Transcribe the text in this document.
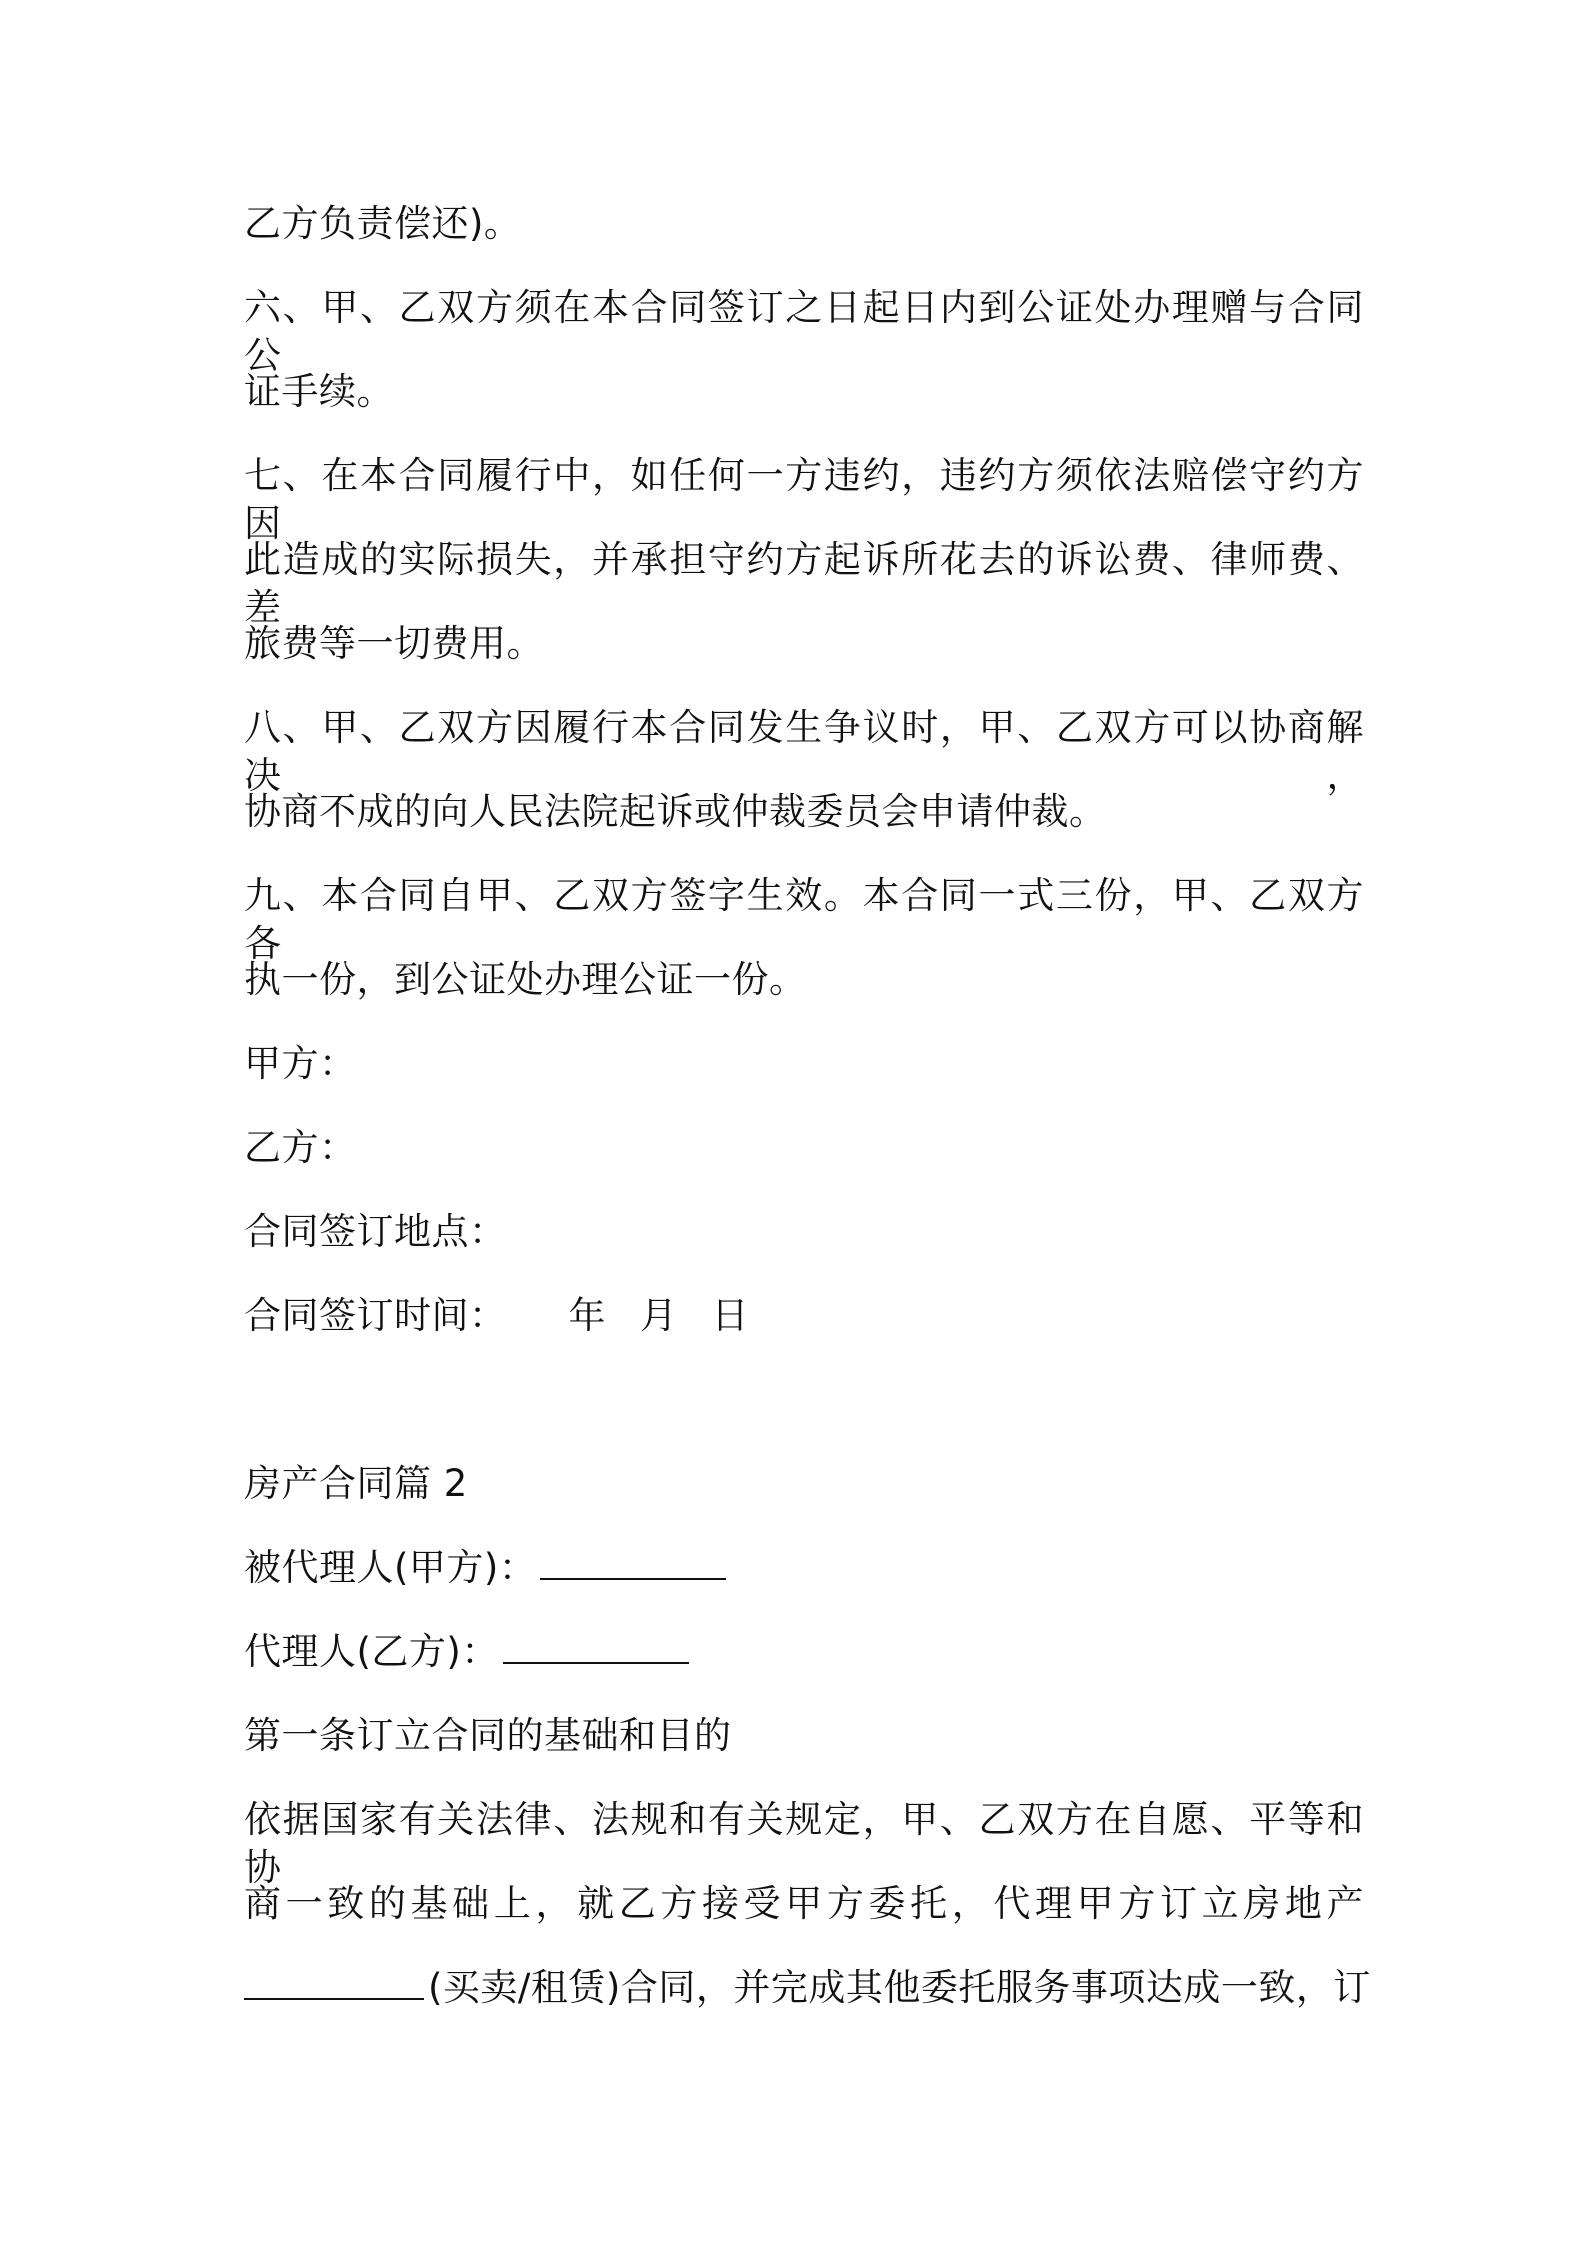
乙方负责偿还)。
六、甲、乙双方须在本合同签订之日起日内到公证处办理赠与合同公
证手续。
七、在本合同履行中，如任何一方违约，违约方须依法赔偿守约方因
此造成的实际损失，并承担守约方起诉所花去的诉讼费、律师费、差
旅费等一切费用。
八、甲、乙双方因履行本合同发生争议时，甲、乙双方可以协商解决，
协商不成的向人民法院起诉或仲裁委员会申请仲裁。
九、本合同自甲、乙双方签字生效。本合同一式三份，甲、乙双方各
执一份，到公证处办理公证一份。
甲方：
乙方：
合同签订地点：
合同签订时间： 年 月 日
房产合同篇 2
被代理人(甲方)：
代理人(乙方)：
第一条订立合同的基础和目的
依据国家有关法律、法规和有关规定，甲、乙双方在自愿、平等和协
商一致的基础上，就乙方接受甲方委托，代理甲方订立房地产
(买卖/租赁)合同，并完成其他委托服务事项达成一致，订
